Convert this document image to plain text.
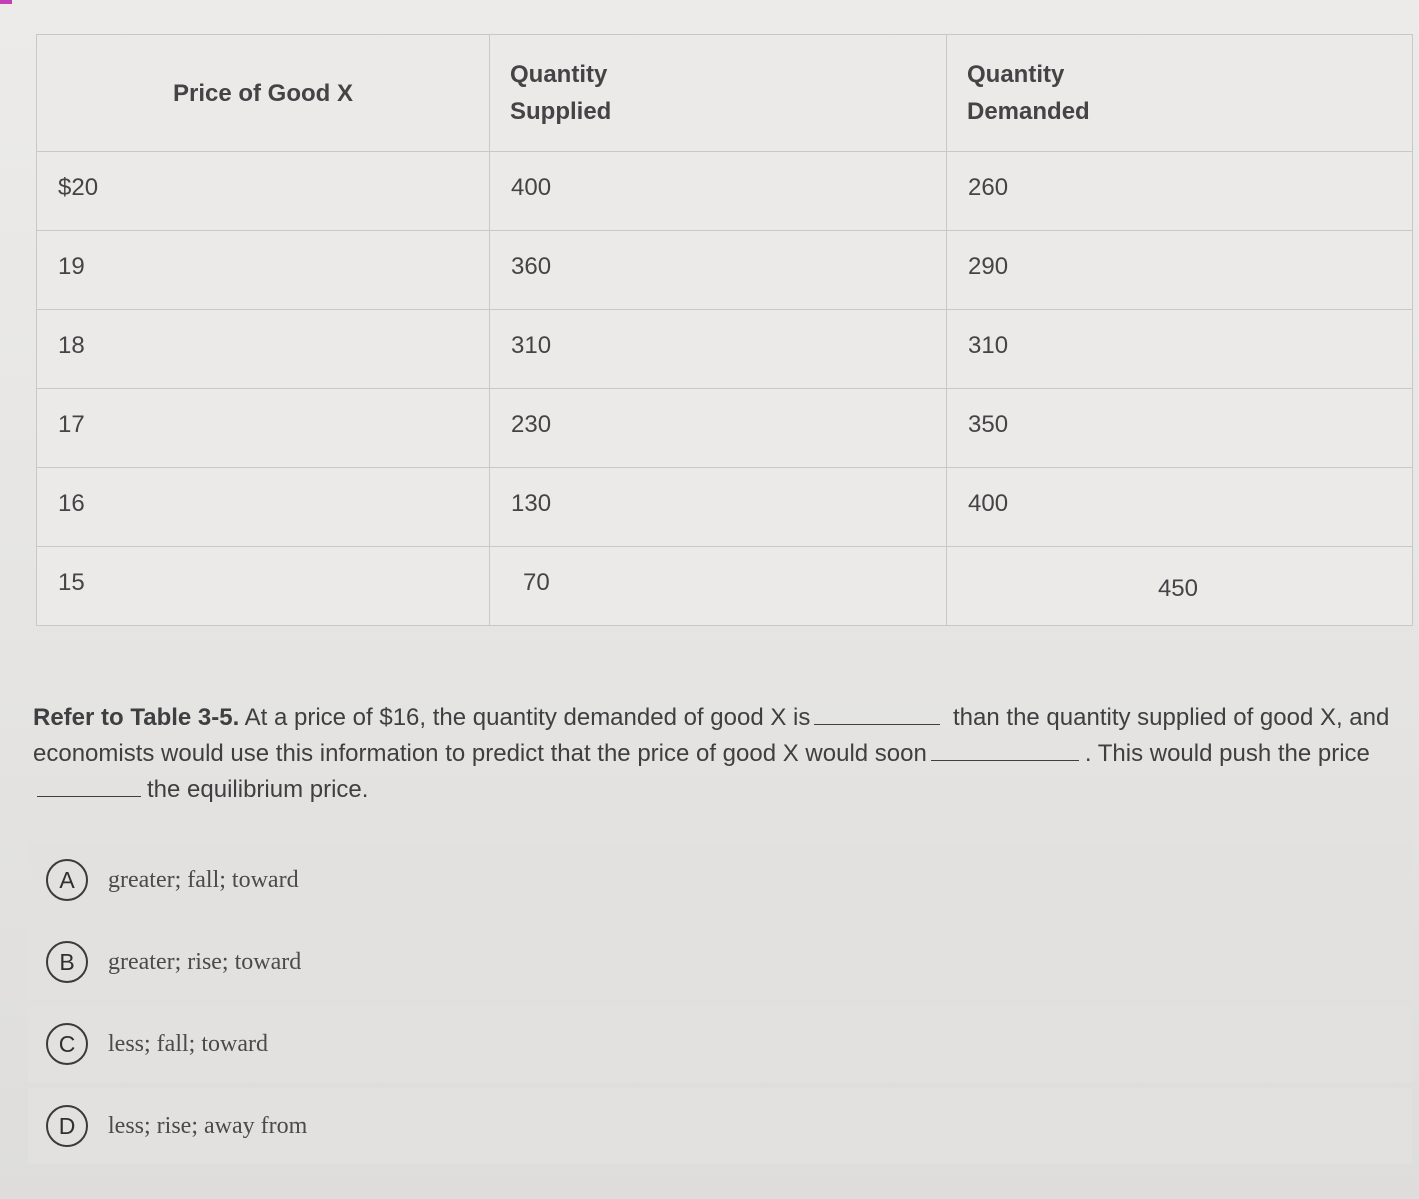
Price of Good X	Quantity Supplied	Quantity Demanded
$20	400	260
19	360	290
18	310	310
17	230	350
16	130	400
15	70	450
Refer to Table 3-5. At a price of $16, the quantity demanded of good X is	than the quantity supplied of good X, and economists would use this information to predict that the price of good X would soon	. This would push the pricethe equilibrium price.
A	greater; fall; toward
B	greater; rise; toward
C	less; fall; toward
D	less; rise; away from
